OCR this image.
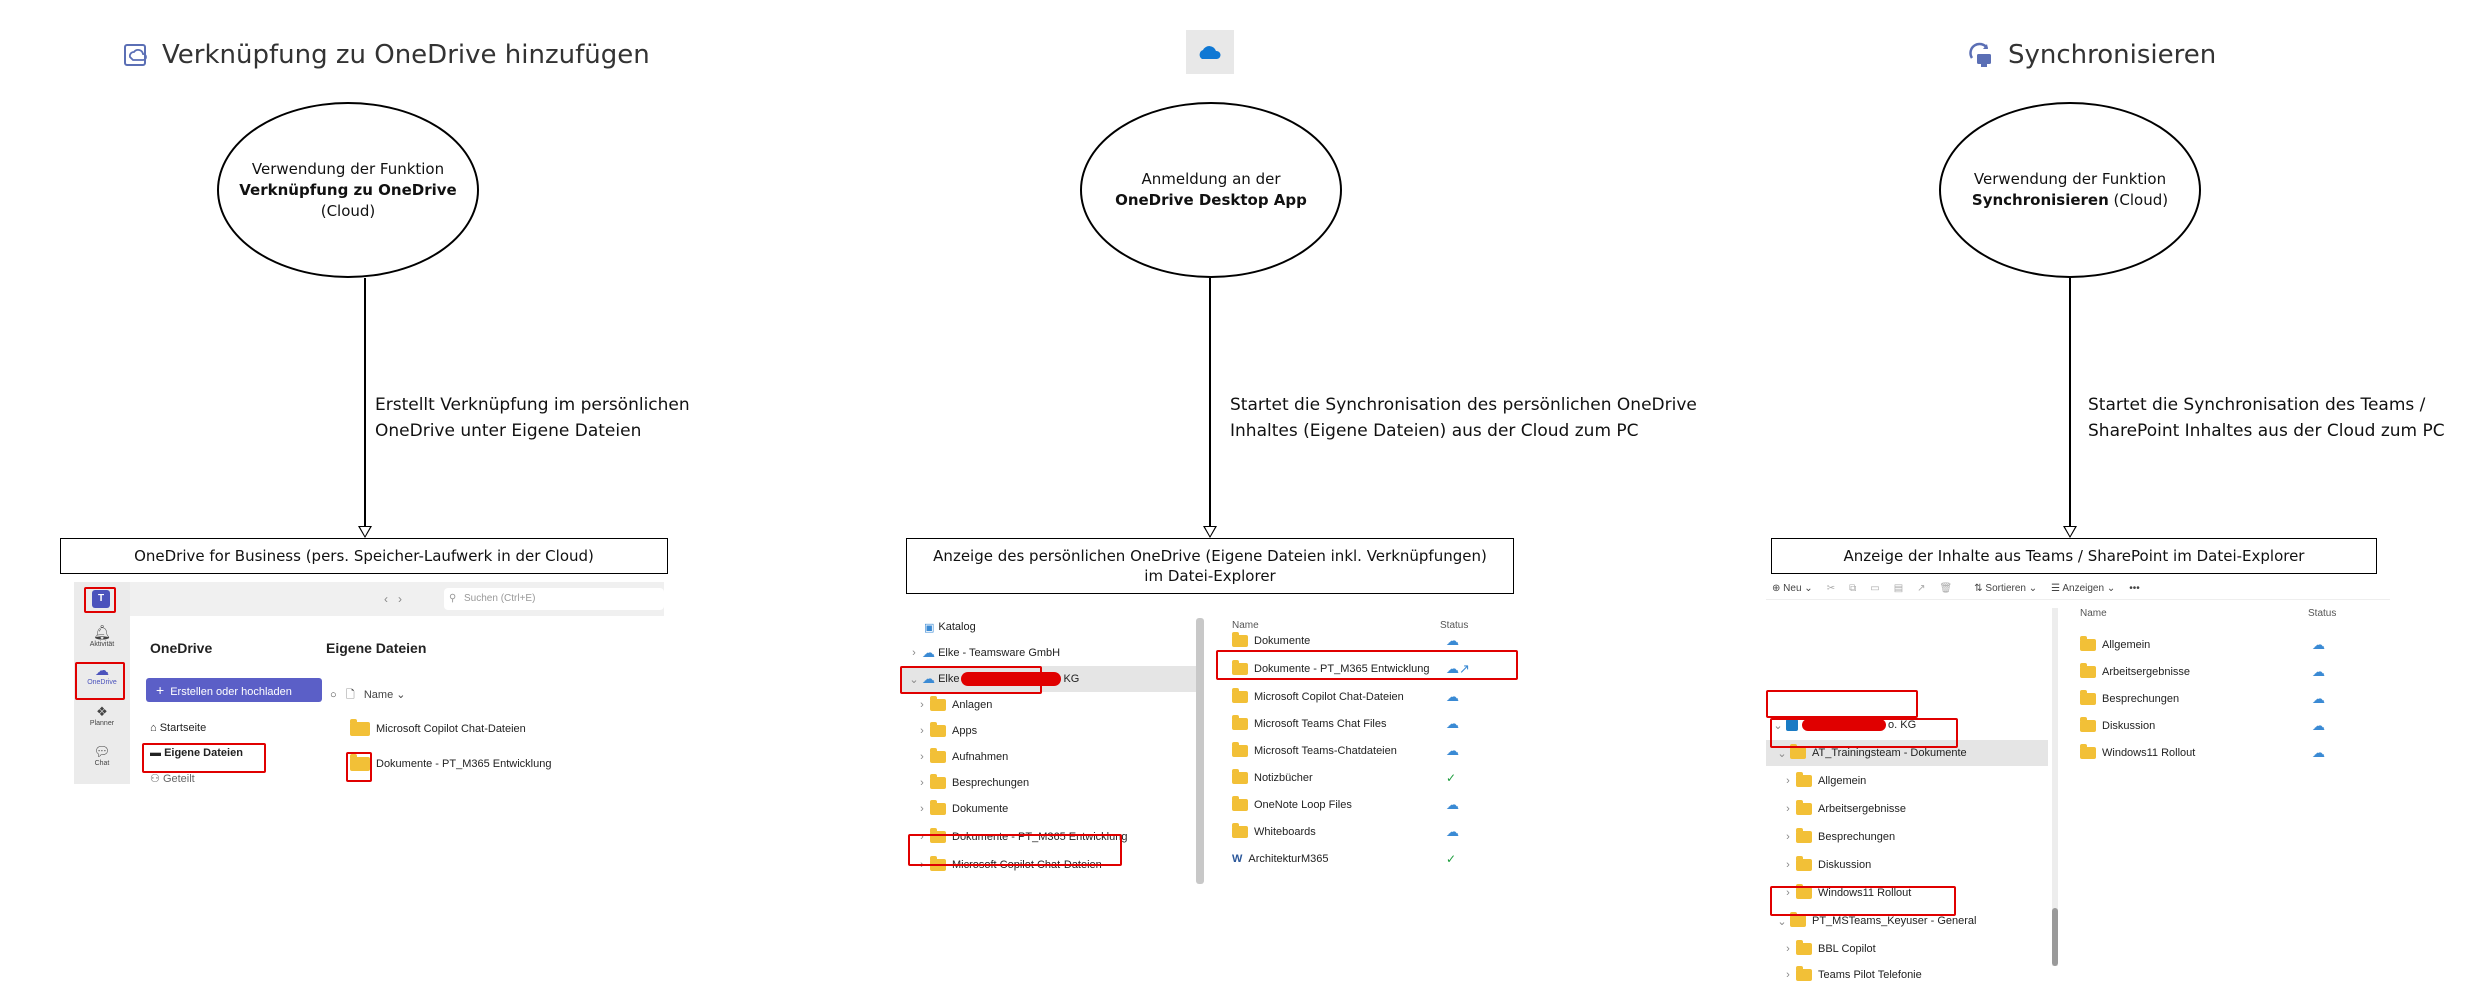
Verknüpfung zu OneDrive hinzufügen
Verwendung der Funktion
Verknüpfung zu OneDrive (Cloud)
Erstellt Verknüpfung im persönlichen
OneDrive unter Eigene Dateien
OneDrive for Business (pers. Speicher-Laufwerk in der Cloud)
T	‹   ›	⚲ Suchen (Ctrl+E)
🔔︎
Aktivität
☁
OneDrive
❖
Planner
💬︎
Chat
OneDrive
+ Erstellen oder hochladen
⌂ Startseite
▬ Eigene Dateien
⚇ Geteilt
Eigene Dateien
○ 🗋 Name ⌄
Microsoft Copilot Chat-Dateien
Dokumente - PT_M365 Entwicklung
Anmeldung an der
OneDrive Desktop App
Startet die Synchronisation des persönlichen OneDrive
Inhaltes (Eigene Dateien) aus der Cloud zum PC
Anzeige des persönlichen OneDrive (Eigene Dateien inkl. Verknüpfungen)
im Datei-Explorer
▣ Katalog
› ☁
Elke - Teamsware GmbH
⌄ ☁
Elke	KG
›	Anlagen
›	Apps
›	Aufnahmen
›	Besprechungen
›	Dokumente
›	Dokumente - PT_M365 Entwicklung
›	Microsoft Copilot Chat-Dateien
Name	Status
Dokumente	☁
Dokumente - PT_M365 Entwicklung ☁↗
Microsoft Copilot Chat-Dateien	☁
Microsoft Teams Chat Files	☁
Microsoft Teams-Chatdateien	☁
Notizbücher	✓
OneNote Loop Files	☁
Whiteboards	☁
W ArchitekturM365	✓
Synchronisieren
Verwendung der Funktion
Synchronisieren (Cloud)
Startet die Synchronisation des Teams /
SharePoint Inhaltes aus der Cloud zum PC
Anzeige der Inhalte aus Teams / SharePoint im Datei-Explorer
⊕ Neu ⌄ ✂ ⧉ ▭ ▤ ↗ 🗑︎ ⇅ Sortieren ⌄ ☰ Anzeigen ⌄ •••
⌄	o. KG
⌄	AT_Trainingsteam - Dokumente
›	Allgemein
›	Arbeitsergebnisse
›	Besprechungen
›	Diskussion
›	Windows11 Rollout
⌄	PT_MSTeams_Keyuser - General
›	BBL Copilot
›	Teams Pilot Telefonie
Name	Status
Allgemein	☁
Arbeitsergebnisse	☁
Besprechungen	☁
Diskussion	☁
Windows11 Rollout	☁
